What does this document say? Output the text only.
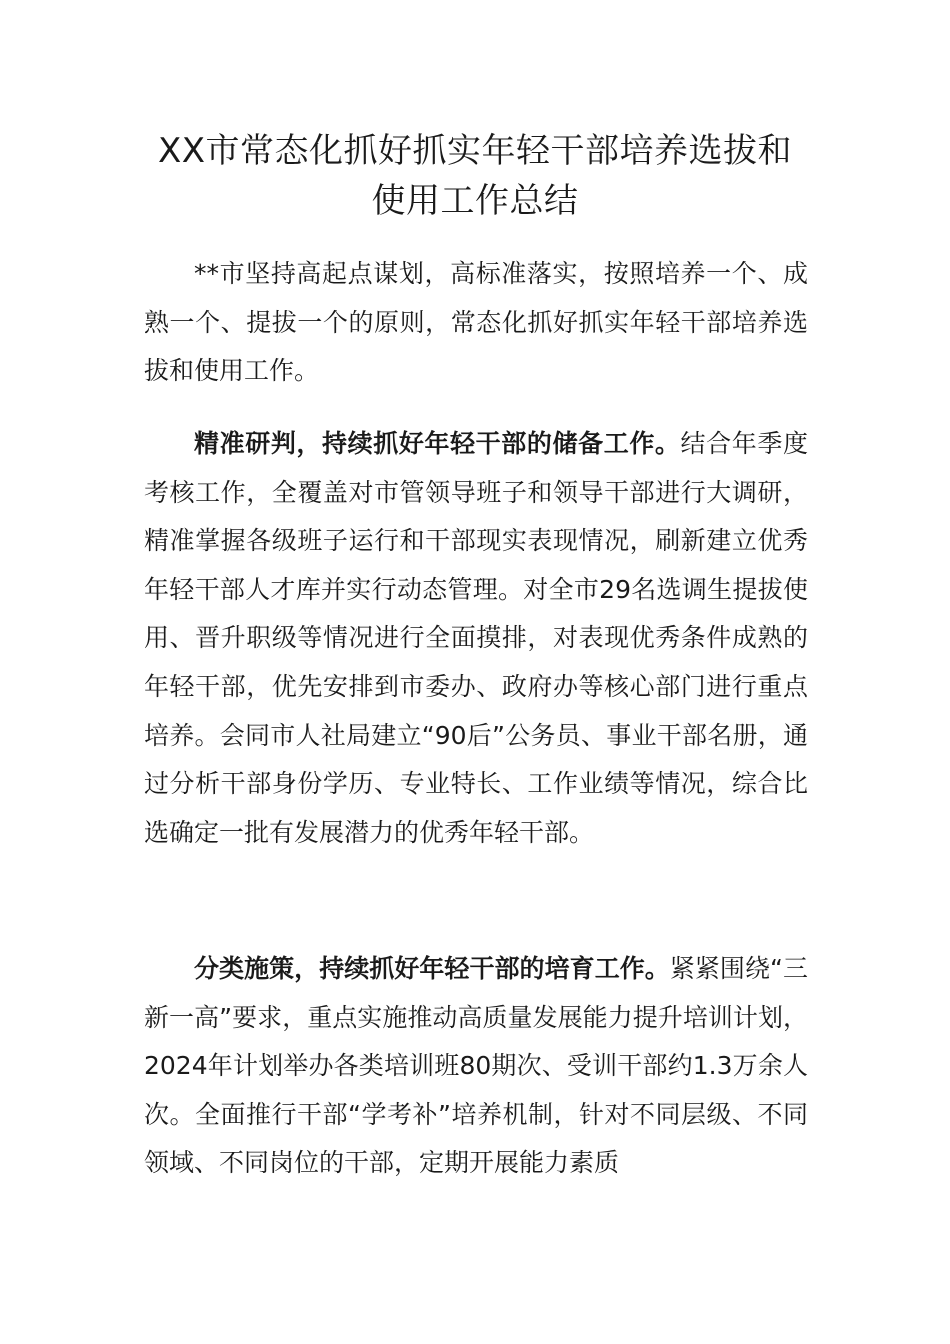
XX市常态化抓好抓实年轻干部培养选拔和
使用工作总结

**市坚持高起点谋划，高标准落实，按照培养一个、成熟一个、提拔一个的原则，常态化抓好抓实年轻干部培养选拔和使用工作。

精准研判，持续抓好年轻干部的储备工作。结合年季度考核工作，全覆盖对市管领导班子和领导干部进行大调研，精准掌握各级班子运行和干部现实表现情况，刷新建立优秀年轻干部人才库并实行动态管理。对全市29名选调生提拔使用、晋升职级等情况进行全面摸排，对表现优秀条件成熟的年轻干部，优先安排到市委办、政府办等核心部门进行重点培养。会同市人社局建立“90后”公务员、事业干部名册，通过分析干部身份学历、专业特长、工作业绩等情况，综合比选确定一批有发展潜力的优秀年轻干部。

分类施策，持续抓好年轻干部的培育工作。紧紧围绕“三新一高”要求，重点实施推动高质量发展能力提升培训计划，2024年计划举办各类培训班80期次、受训干部约1.3万余人次。全面推行干部“学考补”培养机制，针对不同层级、不同领域、不同岗位的干部，定期开展能力素质
